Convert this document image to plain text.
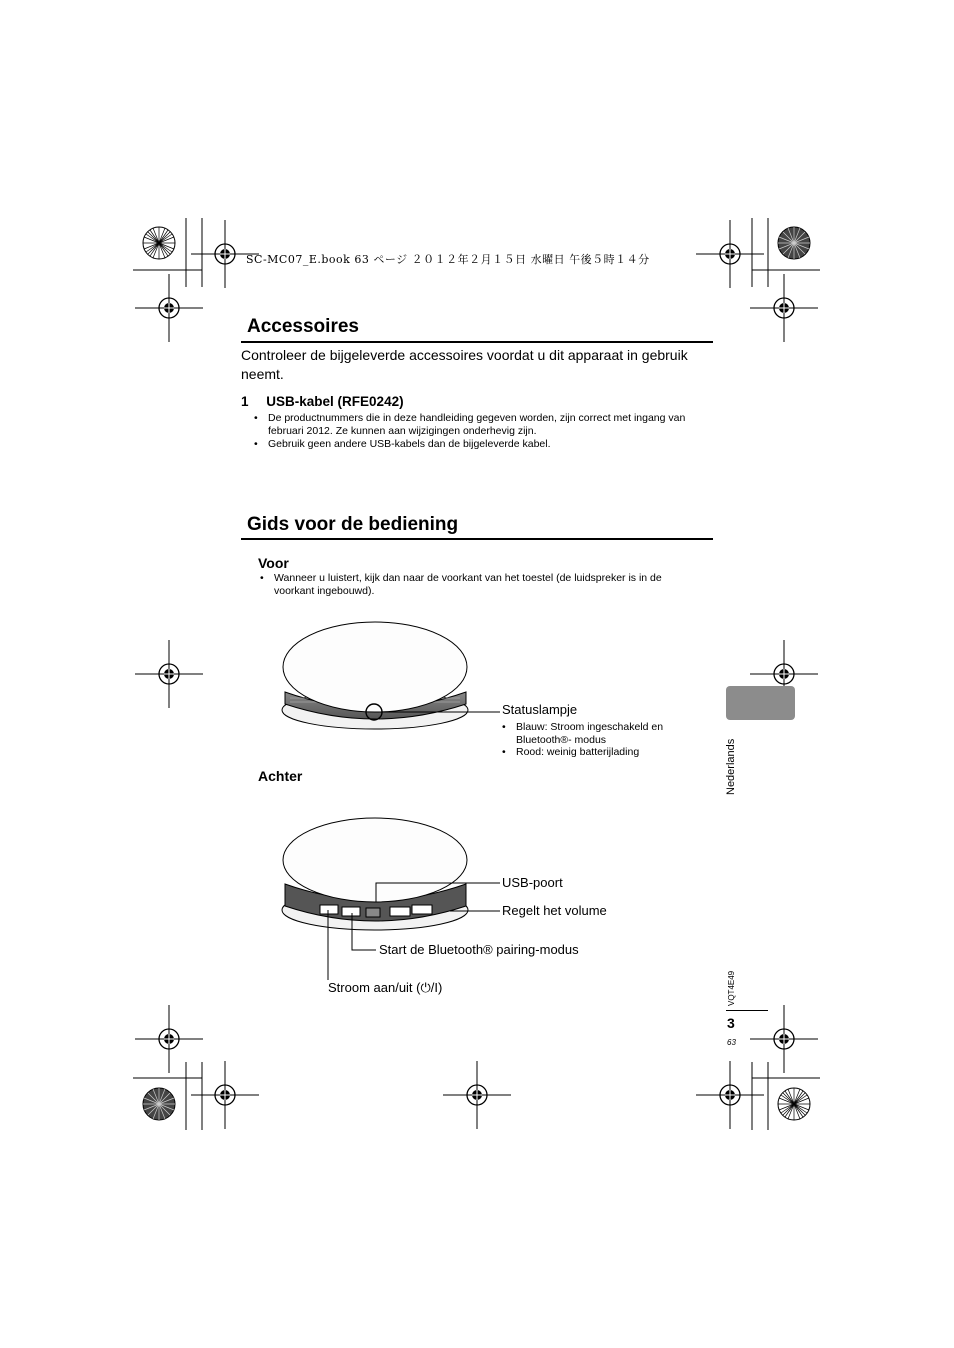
SC-MC07_E.book 63 ページ ２０１２年２月１５日 水曜日 午後５時１４分
Accessoires
Controleer de bijgeleverde accessoires voordat u dit apparaat in gebruik neemt.
1 USB-kabel (RFE0242)
• De productnummers die in deze handleiding gegeven worden, zijn correct met ingang van februari 2012. Ze kunnen aan wijzigingen onderhevig zijn.
• Gebruik geen andere USB-kabels dan de bijgeleverde kabel.
Gids voor de bediening
Voor
• Wanneer u luistert, kijk dan naar de voorkant van het toestel (de luidspreker is in de voorkant ingebouwd).
Statuslampje
• Blauw: Stroom ingeschakeld en Bluetooth®- modus
• Rood: weinig batterijlading
Achter
USB-poort
Regelt het volume
Start de Bluetooth® pairing-modus
Stroom aan/uit (⏻/I)
Nederlands
VQT4E49
3
63
